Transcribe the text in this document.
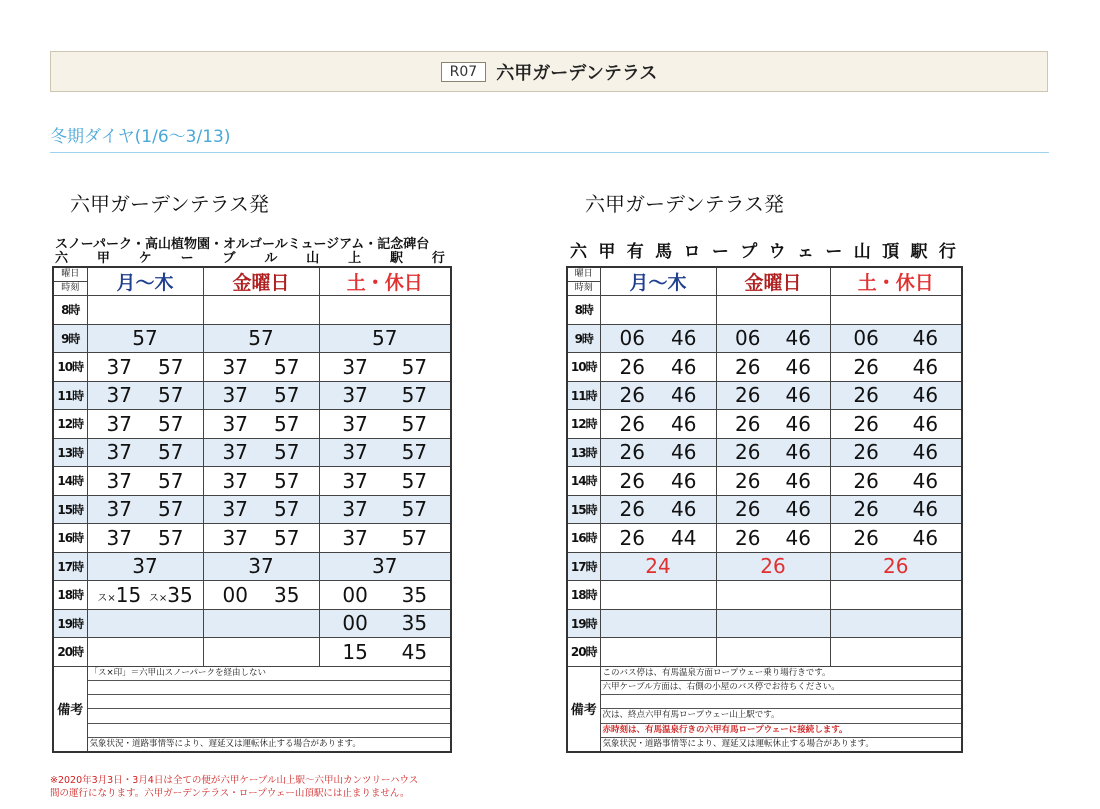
R07	六甲ガーデンテラス
冬期ダイヤ(1/6〜3/13)
六甲ガーデンテラス発
スノーパーク・高山植物園・オルゴールミュージアム・記念碑台
六 甲 ケ ー ブ ル 山 上 駅 行
曜日
時刻	月〜木	金曜日	土・休日
8時			
9時	57	57	57

10時	37 57	37 57	37 57

11時	37 57	37 57	37 57

12時	37 57	37 57	37 57

13時	37 57	37 57	37 57

14時	37 57	37 57	37 57

15時	37 57	37 57	37 57

16時	37 57	37 57	37 57

17時	37	37	37

18時	ス×15 ス×35	00 35	00 35

19時			00 35

20時			15 45

備考	「ス×印」＝六甲山スノーパークを経由しない
気象状況・道路事情等により、遅延又は運転休止する場合があります。		
六甲ガーデンテラス発
六 甲 有 馬 ロ ー プ ウ ェ ー 山 頂 駅 行
曜日
時刻	月〜木	金曜日	土・休日
8時			
9時	06 46	06 46	06 46

10時	26 46	26 46	26 46

11時	26 46	26 46	26 46

12時	26 46	26 46	26 46

13時	26 46	26 46	26 46

14時	26 46	26 46	26 46

15時	26 46	26 46	26 46

16時	26 44	26 46	26 46

17時	24	26	26

18時			
19時			
20時			
備考	このバス停は、有馬温泉方面ロープウェー乗り場行きです。
六甲ケーブル方面は、右側の小屋のバス停でお待ちください。
次は、終点六甲有馬ロープウェー山上駅です。
赤時刻は、有馬温泉行きの六甲有馬ロープウェーに接続します。
気象状況・道路事情等により、遅延又は運転休止する場合があります。		
※2020年3月3日・3月4日は全ての便が六甲ケーブル山上駅〜六甲山カンツリーハウス
間の運行になります。六甲ガーデンテラス・ロープウェー山頂駅には止まりません。
